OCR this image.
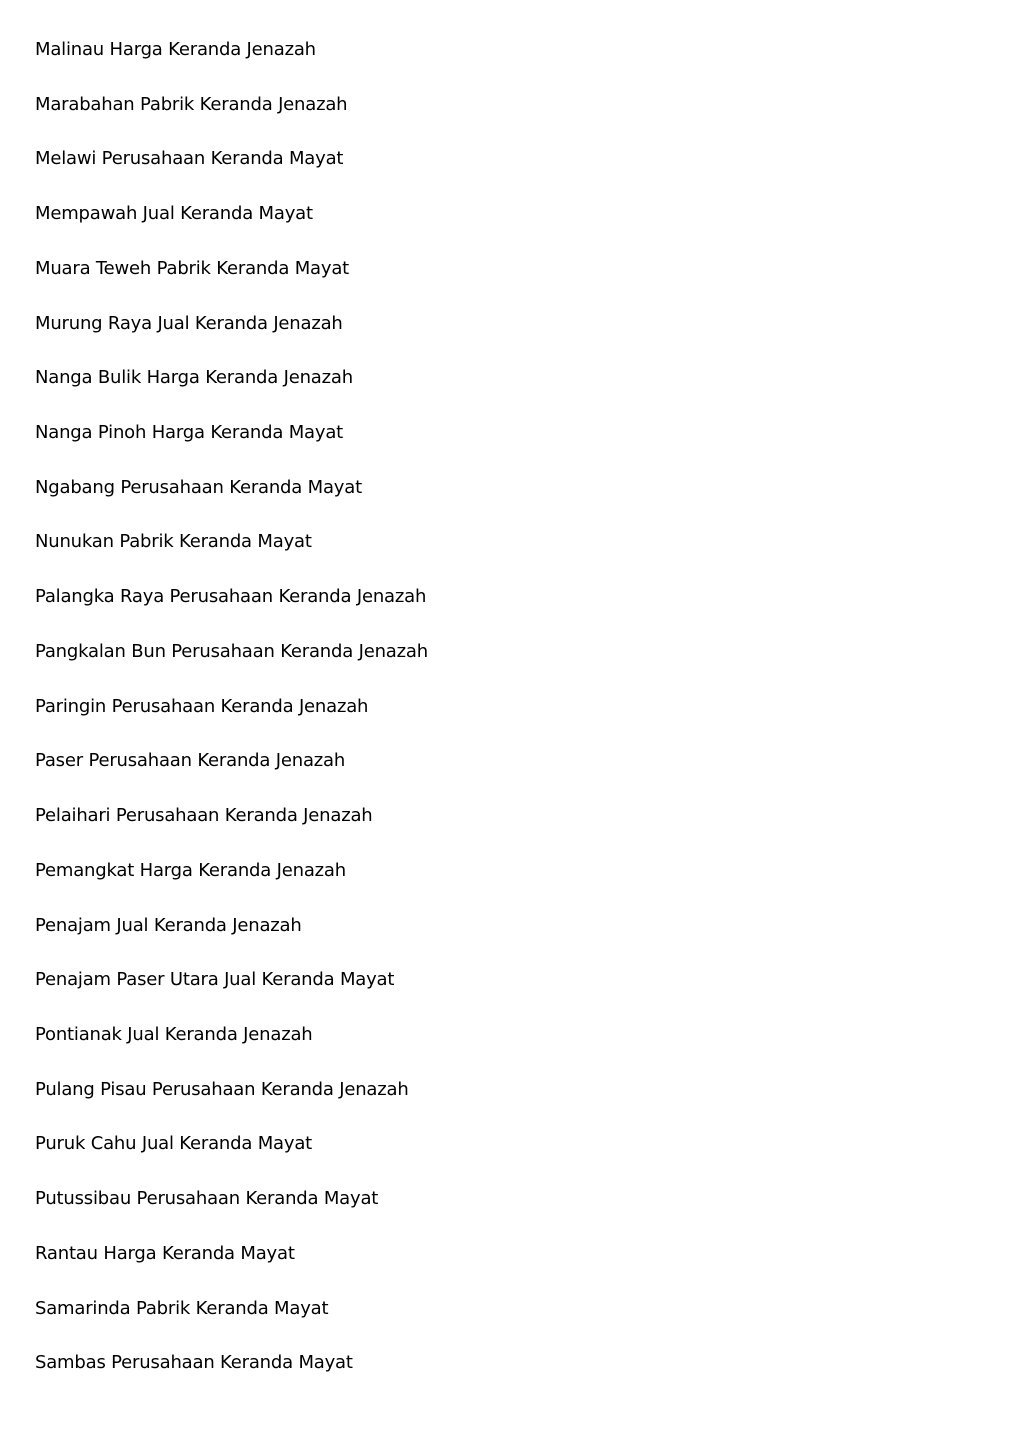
Malinau Harga Keranda Jenazah
Marabahan Pabrik Keranda Jenazah
Melawi Perusahaan Keranda Mayat
Mempawah Jual Keranda Mayat
Muara Teweh Pabrik Keranda Mayat
Murung Raya Jual Keranda Jenazah
Nanga Bulik Harga Keranda Jenazah
Nanga Pinoh Harga Keranda Mayat
Ngabang Perusahaan Keranda Mayat
Nunukan Pabrik Keranda Mayat
Palangka Raya Perusahaan Keranda Jenazah
Pangkalan Bun Perusahaan Keranda Jenazah
Paringin Perusahaan Keranda Jenazah
Paser Perusahaan Keranda Jenazah
Pelaihari Perusahaan Keranda Jenazah
Pemangkat Harga Keranda Jenazah
Penajam Jual Keranda Jenazah
Penajam Paser Utara Jual Keranda Mayat
Pontianak Jual Keranda Jenazah
Pulang Pisau Perusahaan Keranda Jenazah
Puruk Cahu Jual Keranda Mayat
Putussibau Perusahaan Keranda Mayat
Rantau Harga Keranda Mayat
Samarinda Pabrik Keranda Mayat
Sambas Perusahaan Keranda Mayat
